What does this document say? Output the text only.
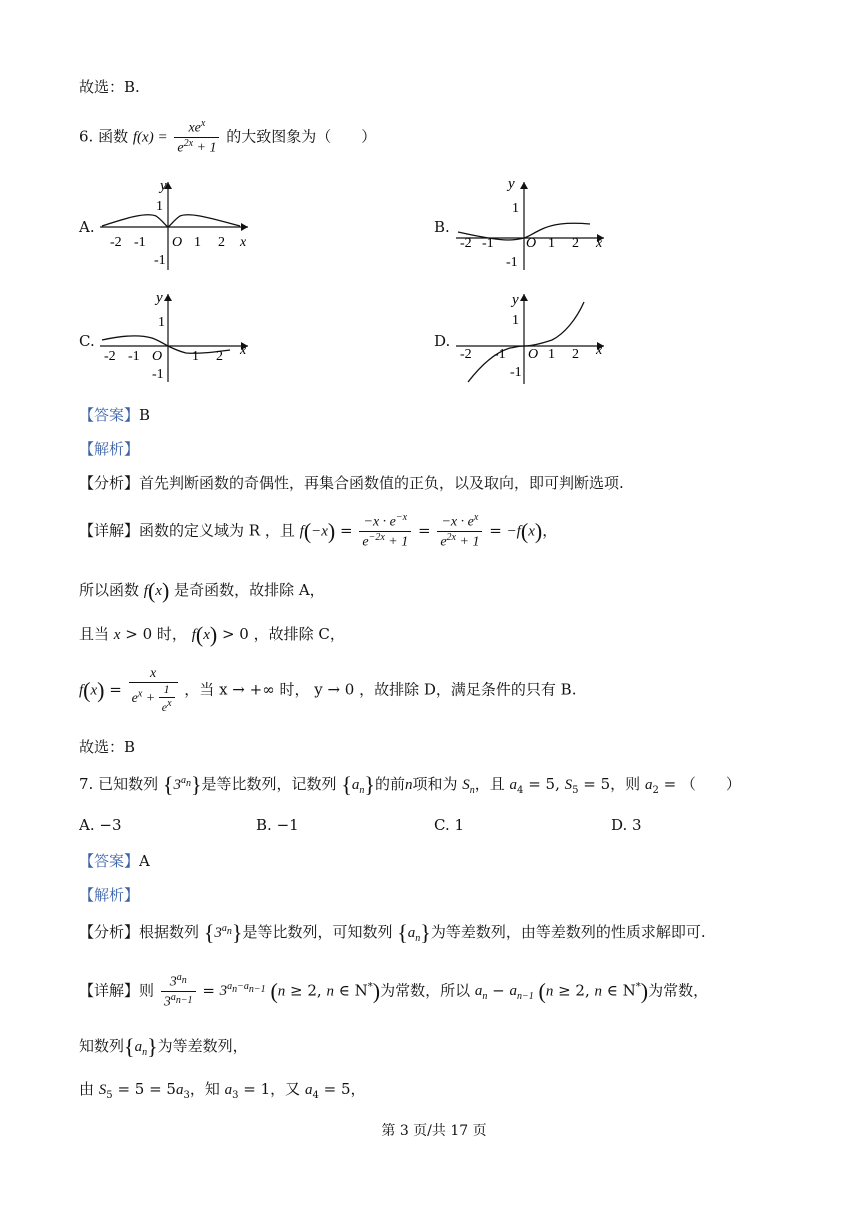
故选：B.
6. 函数 $f(x) = \frac{xe^x}{e^{2x} + 1}$ 的大致图象为（　　）
A.
y
1
-1
-2 -1 O 1 2 x
B.
y
1
-1
-2 -1 O 1 2 x
C.
y
1
-1
-2 -1 O 1 2 x
D.
y
1
-1
-2 -1 O 1 2 x
【答案】B
【解析】
【分析】首先判断函数的奇偶性，再集合函数值的正负，以及取向，即可判断选项.
【详解】函数的定义域为 R ，且 $f(-x) = \frac{-x \cdot e^{-x}}{e^{-2x} + 1} = \frac{-x \cdot e^x}{e^{2x} + 1} = -f(x)$，
所以函数 f(x) 是奇函数，故排除 A，
且当 x > 0 时， f(x) > 0 ，故排除 C，
$f(x) = \frac{x}{e^x + \frac{1}{e^x}}$ ，当 x → +∞ 时， y → 0 ，故排除 D，满足条件的只有 B.
故选：B
7. 已知数列 $\{3^{a_n}\}$是等比数列，记数列 $\{a_n\}$的前n项和为 $S_n$，且 $a_4 = 5$, $S_5 = 5$，则 $a_2$ = （　　）
A. −3	B. −1	C. 1	D. 3
【答案】A
【解析】
【分析】根据数列 $\{3^{a_n}\}$是等比数列，可知数列 $\{a_n\}$为等差数列，由等差数列的性质求解即可.
【详解】则 $\frac{3^{a_n}}{3^{a_{n-1}}} = 3^{a_n-a_{n-1}}$ (n ≥ 2, n ∈ N*)为常数，所以 $a_n - a_{n-1}$ (n ≥ 2, n ∈ N*)为常数，
知数列$\{a_n\}$为等差数列，
由 $S_5 = 5 = 5a_3$，知 $a_3 = 1$，又 $a_4 = 5$，
第 3 页/共 17 页
